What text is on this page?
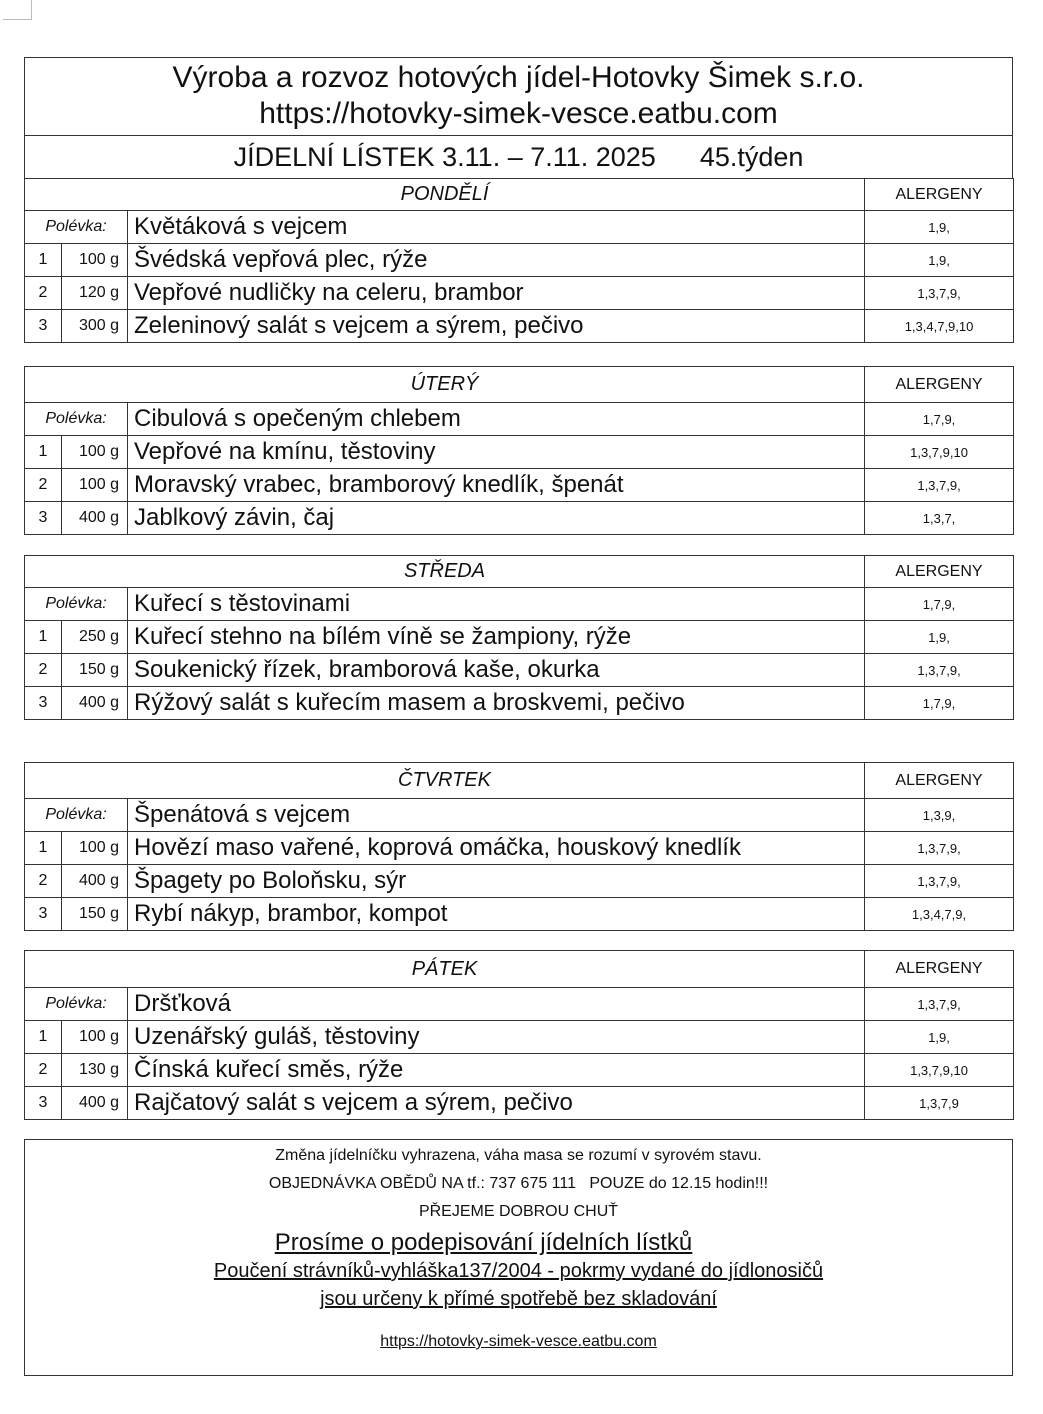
Výroba a rozvoz hotových jídel-Hotovky Šimek s.r.o.
https://hotovky-simek-vesce.eatbu.com

JÍDELNÍ LÍSTEK 3.11. – 7.11. 2025 45.týden
PONDĚLÍ			ALERGENY
Polévka:		Květáková s vejcem	1,9,
1	100 g	Švédská vepřová plec, rýže	1,9,
2	120 g	Vepřové nudličky na celeru, brambor	1,3,7,9,
3	300 g	Zeleninový salát s vejcem a sýrem, pečivo	1,3,4,7,9,10
ÚTERÝ			ALERGENY
Polévka:		Cibulová s opečeným chlebem	1,7,9,
1	100 g	Vepřové na kmínu, těstoviny	1,3,7,9,10
2	100 g	Moravský vrabec, bramborový knedlík, špenát	1,3,7,9,
3	400 g	Jablkový závin, čaj	1,3,7,
STŘEDA			ALERGENY
Polévka:		Kuřecí s těstovinami	1,7,9,
1	250 g	Kuřecí stehno na bílém víně se žampiony, rýže	1,9,
2	150 g	Soukenický řízek, bramborová kaše, okurka	1,3,7,9,
3	400 g	Rýžový salát s kuřecím masem a broskvemi, pečivo	1,7,9,
ČTVRTEK			ALERGENY
Polévka:		Špenátová s vejcem	1,3,9,
1	100 g	Hovězí maso vařené, koprová omáčka, houskový knedlík	1,3,7,9,
2	400 g	Špagety po Boloňsku, sýr	1,3,7,9,
3	150 g	Rybí nákyp, brambor, kompot	1,3,4,7,9,
PÁTEK			ALERGENY
Polévka:		Dršťková	1,3,7,9,
1	100 g	Uzenářský guláš, těstoviny	1,9,
2	130 g	Čínská kuřecí směs, rýže	1,3,7,9,10
3	400 g	Rajčatový salát s vejcem a sýrem, pečivo	1,3,7,9
Změna jídelníčku vyhrazena, váha masa se rozumí v syrovém stavu.
OBJEDNÁVKA OBĚDŮ NA tf.: 737 675 111   POUZE do 12.15 hodin!!!
PŘEJEME DOBROU CHUŤ
Prosíme o podepisování jídelních lístků
Poučení strávníků-vyhláška137/2004 - pokrmy vydané do jídlonosičů
jsou určeny k přímé spotřebě bez skladování
https://hotovky-simek-vesce.eatbu.com
